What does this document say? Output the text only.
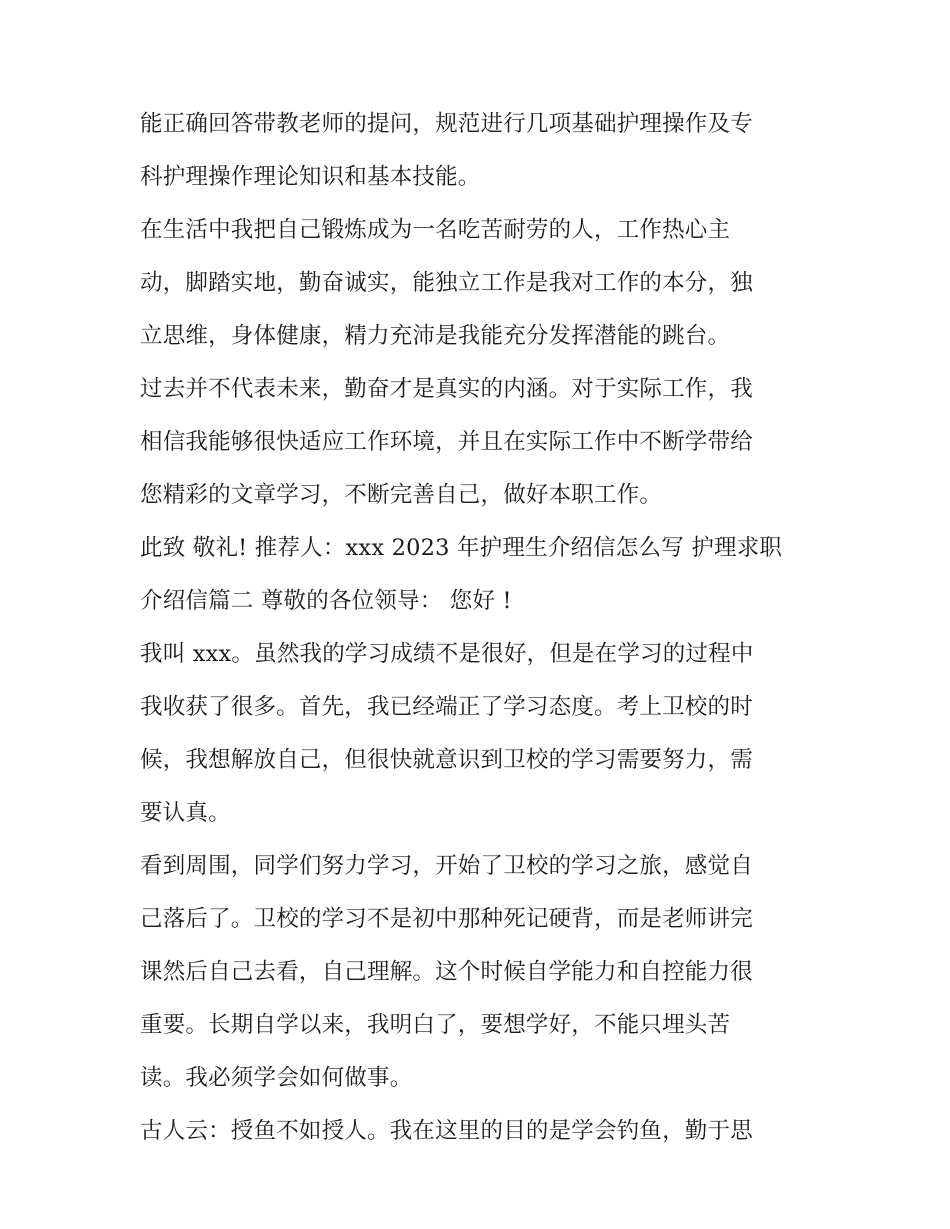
能正确回答带教老师的提问，规范进行几项基础护理操作及专
科护理操作理论知识和基本技能。
在生活中我把自己锻炼成为一名吃苦耐劳的人，工作热心主
动，脚踏实地，勤奋诚实，能独立工作是我对工作的本分，独
立思维，身体健康，精力充沛是我能充分发挥潜能的跳台。
过去并不代表未来，勤奋才是真实的内涵。对于实际工作，我
相信我能够很快适应工作环境，并且在实际工作中不断学带给
您精彩的文章学习，不断完善自己，做好本职工作。
此致 敬礼! 推荐人：xxx 2023 年护理生介绍信怎么写 护理求职
介绍信篇二 尊敬的各位领导： 您好 !
我叫 xxx。虽然我的学习成绩不是很好，但是在学习的过程中
我收获了很多。首先，我已经端正了学习态度。考上卫校的时
候，我想解放自己，但很快就意识到卫校的学习需要努力，需
要认真。
看到周围，同学们努力学习，开始了卫校的学习之旅，感觉自
己落后了。卫校的学习不是初中那种死记硬背，而是老师讲完
课然后自己去看，自己理解。这个时候自学能力和自控能力很
重要。长期自学以来，我明白了，要想学好，不能只埋头苦
读。我必须学会如何做事。
古人云：授鱼不如授人。我在这里的目的是学会钓鱼，勤于思
